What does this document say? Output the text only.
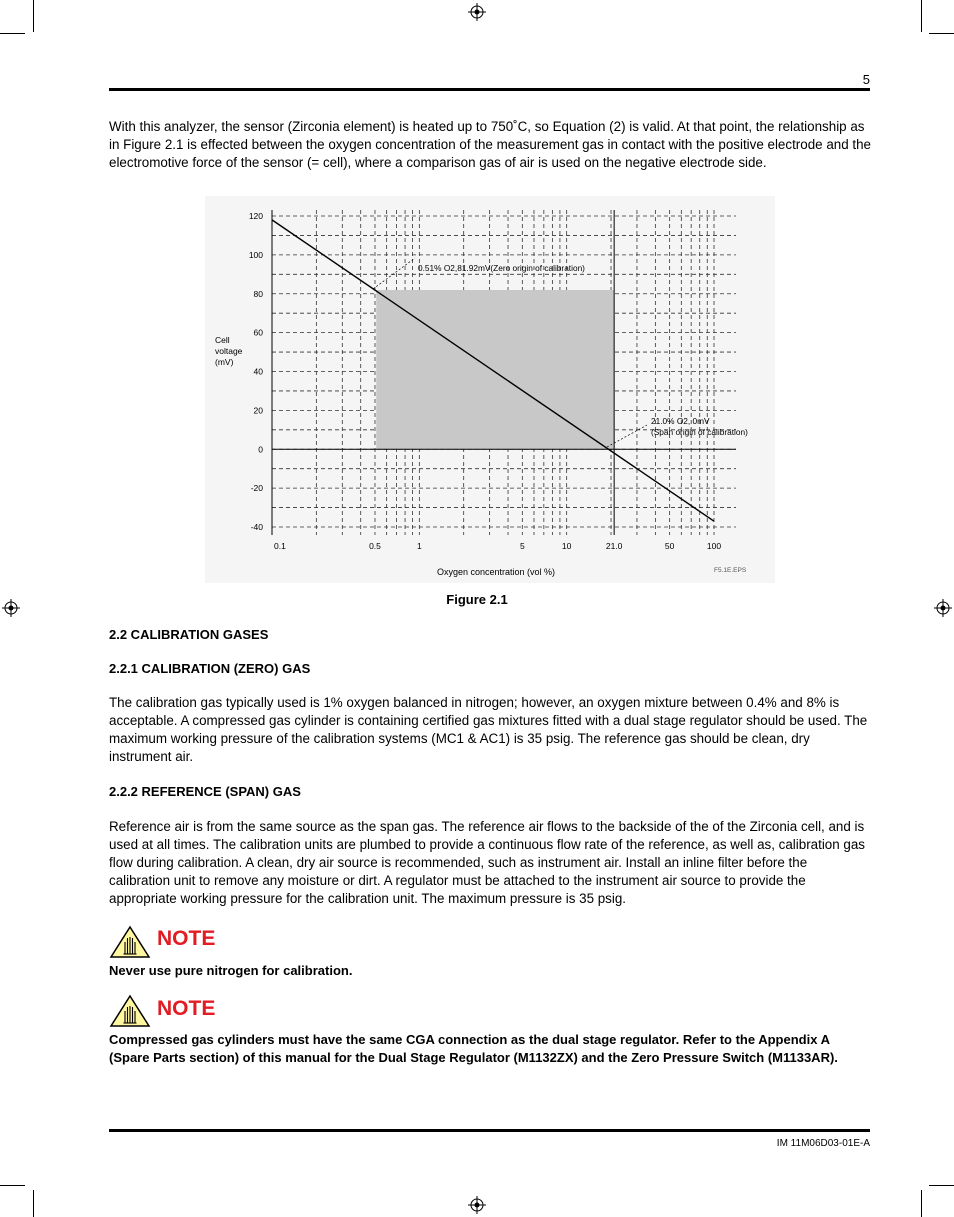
5
With this analyzer, the sensor (Zirconia element) is heated up to 750˚C, so Equation (2) is valid. At that point, the relationship as in Figure 2.1 is effected between the oxygen concentration of the measurement gas in contact with the positive electrode and the electromotive force of the sensor (= cell), where a comparison gas of air is used on the negative electrode side.
120
100
80
60
40
20
0
-20
-40
0.1	0.5	1	5	10	21.0	50	100
Cell
voltage
(mV)
Oxygen concentration (vol %)	F5.1E.EPS
0.51% O2,81.92mV(Zero origin of calibration)
21.0% O2, 0mV
(Span origin of calibration)
Figure 2.1
2.2 CALIBRATION GASES
2.2.1 CALIBRATION (ZERO) GAS
The calibration gas typically used is 1% oxygen balanced in nitrogen; however, an oxygen mixture between 0.4% and 8% is acceptable. A compressed gas cylinder is containing certified gas mixtures fitted with a dual stage regulator should be used. The maximum working pressure of the calibration systems (MC1 & AC1) is 35 psig. The reference gas should be clean, dry instrument air.
2.2.2 REFERENCE (SPAN) GAS
Reference air is from the same source as the span gas. The reference air flows to the backside of the of the Zirconia cell, and is used at all times. The calibration units are plumbed to provide a continuous flow rate of the reference, as well as, calibration gas flow during calibration. A clean, dry air source is recommended, such as instrument air. Install an inline filter before the calibration unit to remove any moisture or dirt. A regulator must be attached to the instrument air source to provide the appropriate working pressure for the calibration unit. The maximum pressure is 35 psig.
NOTE
Never use pure nitrogen for calibration.
NOTE
Compressed gas cylinders must have the same CGA connection as the dual stage regulator. Refer to the Appendix A (Spare Parts section) of this manual for the Dual Stage Regulator (M1132ZX) and the Zero Pressure Switch (M1133AR).
IM 11M06D03-01E-A
